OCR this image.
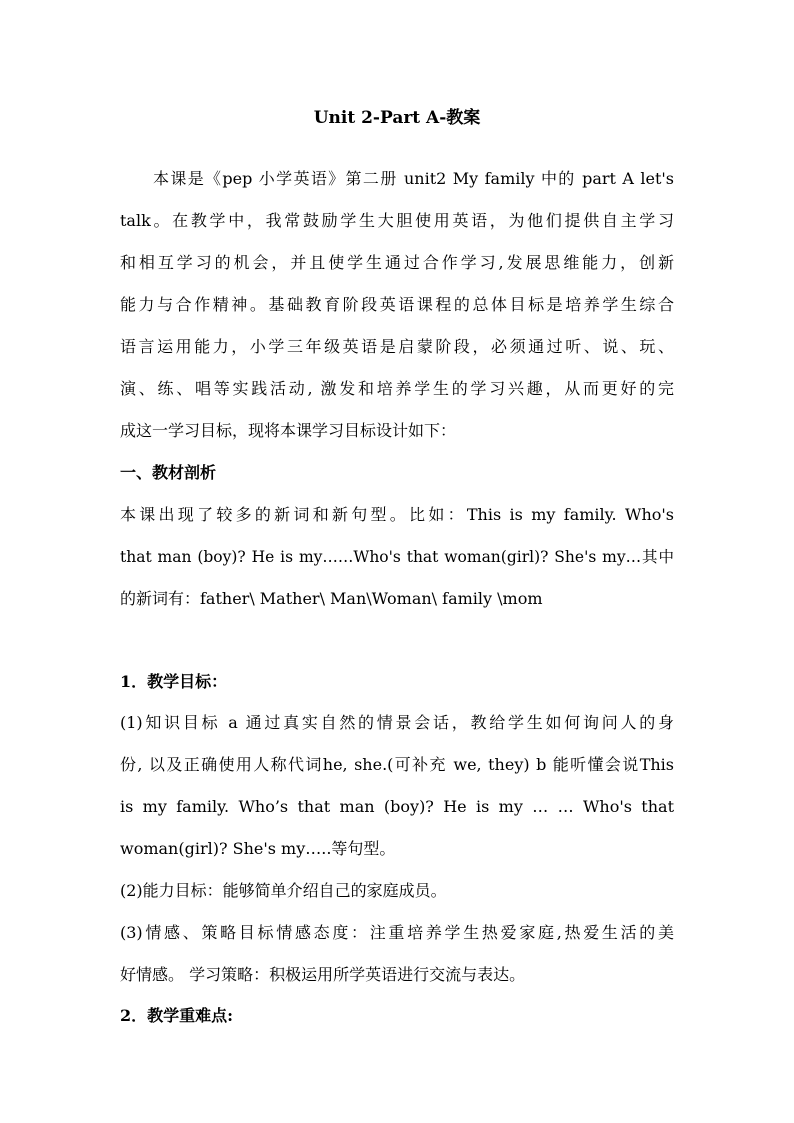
Unit 2-Part A-教案
本课是《pep 小学英语》第二册 unit2 My family 中的 part A let's
talk。在教学中，我常鼓励学生大胆使用英语，为他们提供自主学习
和相互学习的机会，并且使学生通过合作学习,发展思维能力，创新
能力与合作精神。基础教育阶段英语课程的总体目标是培养学生综合
语言运用能力，小学三年级英语是启蒙阶段，必须通过听、说、玩、
演、练、唱等实践活动, 激发和培养学生的学习兴趣，从而更好的完
成这一学习目标，现将本课学习目标设计如下：
一、教材剖析
本课出现了较多的新词和新句型。比如：This is my family. Who's
that man (boy)? He is my……Who's that woman(girl)? She's my…其中
的新词有：father\ Mather\ Man\Woman\ family \mom
1．教学目标：
(1)知识目标 a 通过真实自然的情景会话，教给学生如何询问人的身
份, 以及正确使用人称代词he, she.(可补充 we, they) b 能听懂会说This
is my family. Who’s that man (boy)? He is my … … Who's that
woman(girl)? She's my…..等句型。
(2)能力目标：能够简单介绍自己的家庭成员。
(3)情感、策略目标情感态度：注重培养学生热爱家庭,热爱生活的美
好情感。 学习策略：积极运用所学英语进行交流与表达。
2．教学重难点:
